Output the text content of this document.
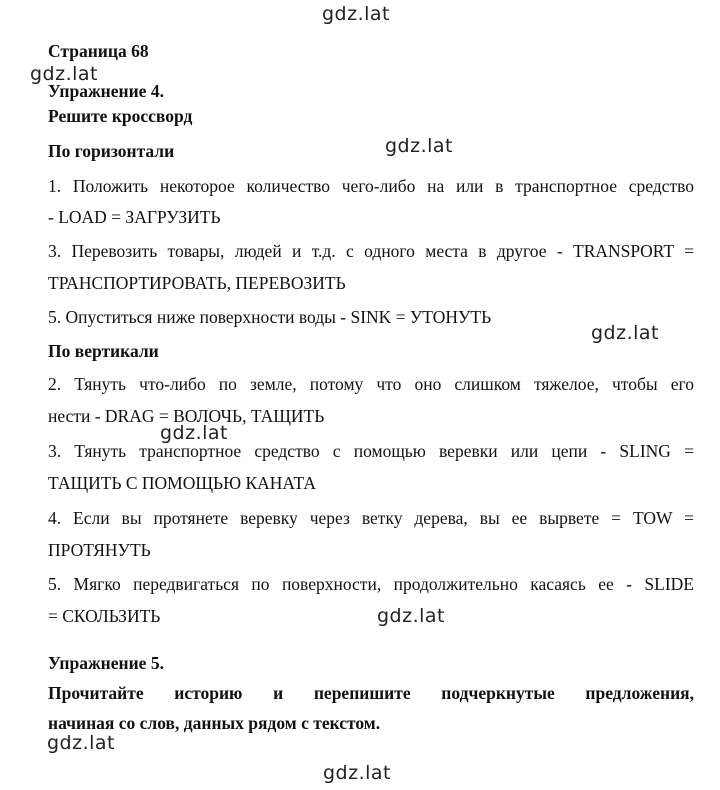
Страница 68
Упражнение 4.
Решите кроссворд
По горизонтали
1. Положить некоторое количество чего-либо на или в транспортное средство
- LOAD = ЗАГРУЗИТЬ
3. Перевозить товары, людей и т.д. с одного места в другое - TRANSPORT =
ТРАНСПОРТИРОВАТЬ, ПЕРЕВОЗИТЬ
5. Опуститься ниже поверхности воды - SINK = УТОНУТЬ
По вертикали
2. Тянуть что-либо по земле, потому что оно слишком тяжелое, чтобы его
нести - DRAG = ВОЛОЧЬ, ТАЩИТЬ
3. Тянуть транспортное средство с помощью веревки или цепи - SLING =
ТАЩИТЬ С ПОМОЩЬЮ КАНАТА
4. Если вы протянете веревку через ветку дерева, вы ее вырвете = TOW =
ПРОТЯНУТЬ
5. Мягко передвигаться по поверхности, продолжительно касаясь ее - SLIDE
= СКОЛЬЗИТЬ
Упражнение 5.
Прочитайте историю и перепишите подчеркнутые предложения,
начиная со слов, данных рядом с текстом.
gdz.lat
gdz.lat
gdz.lat
gdz.lat
gdz.lat
gdz.lat
gdz.lat
gdz.lat
